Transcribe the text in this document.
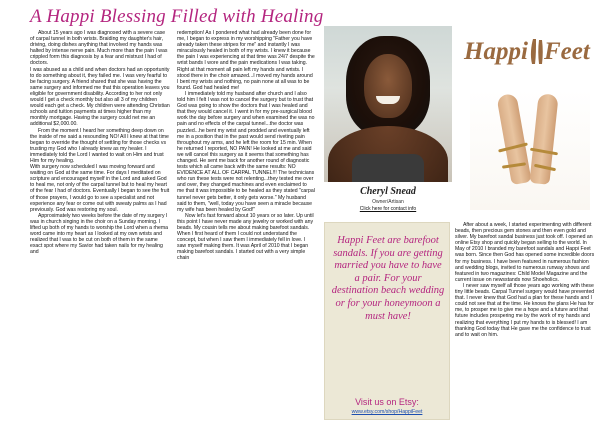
A Happi Blessing Filled with Healing

About 15 years ago I was diagnosed with a severe case of carpal tunnel in both wrists. Braiding my daughter's hair, driving, doing dishes anything that involved my hands was halted by intense nerve pain. Much more than the pain I was crippled form this diagnosis by a fear and mistrust I had of doctors.

I was abused as a child and when doctors had an opportunity to do something about it, they failed me. I was very fearful to be facing surgery. A friend shared that she was having the same surgery and informed me that this operation leaves you eligible for government disability. According to her not only would I get a check monthly but also all 3 of my children would each get a check. My children were attending Christian schools and tuition payments at times higher than my monthly mortgage. Having the surgery could net me an additional $2,000.00.

From the moment I heard her something deep down on the inside of me said a resounding NO! All I knew at that time began to override the thought of settling for those checks vs trusting my God who I already knew as my healer. I immediately told the Lord I wanted to wait on Him and trust Him for my healing.

With surgery now scheduled I was moving forward and waiting on God at the same time. For days I meditated on scripture and encouraged myself in the Lord and asked God to heal me, not only of the carpal tunnel but to heal my heart of the fear I had of doctors. Eventually I began to see the fruit of those prayers, I would go to see a specialist and not experience any fear or come out with sweaty palms as I had previously. God was restoring my soul.

Approximately two weeks before the date of my surgery I was in church singing in the choir on a Sunday morning. I lifted up both of my hands to worship the Lord when a rhema word came into my heart as I looked at my own wrists and realized that I was to be cut on both of them in the same exact spot where my Savior had taken nails for my healing and

redemption! As I pondered what had already been done for me, I began to express in my worshipping "Father you have already taken these stripes for me" and instantly I was miraculously healed in both of my wrists. I knew it because the pain I was experiencing at that time was 24/7 despite the wrist bands I wore and the pain medications I was taking. Right at that moment all pain left my hands and wrists. I stood there in the choir amazed...I moved my hands around I bent my wrists and nothing, no pain none at all was to be found. God had healed me!

I immediately told my husband after church and I also told him I felt I was not to cancel the surgery but to trust that God was going to show the doctors that I was healed and that they would cancel it. I went in for my pre-surgical blood work the day before surgery and when examined the was no pain and no effects of the carpal tunnel...the doctor was puzzled...he bent my wrist and prodded and eventually left me in a position that in the past would send riveting pain throughout my arms, and he left the room for 15 min. When he returned I reported, NO PAIN! He looked at me and said we will cancel this surgery as it seems that something has changed. He sent me back for another round of diagnostic tests which all came back with the same results: NO EVIDENCE AT ALL OF CARPAL TUNNEL!!! The technicians who run these tests were not relenting...they tested me over and over, they changed machines and even exclaimed to me that it was impossible to be healed as they stated "carpal tunnel never gets better, it only gets worse." My husband said to them, "well, today you have seen a miracle because my wife has been healed by God!"

Now let's fast forward about 10 years or so later. Up until this point I have never made any jewelry or worked with any beads. My cousin tells me about making barefoot sandals. When I first heard of them I could not understand the concept, but when I saw them I immediately fell in love. I saw myself making them. It was April of 2010 that I began making barefoot sandals. I started out with a very simple chain

Cheryl Snead
Owner/Artisan
Click here for contact info
Happi Feet
Happi Feet are barefoot sandals. If you are getting married you have to have a pair. For your destination beach wedding or for your honeymoon a must have!
Visit us on Etsy:
www.etsy.com/shop/HappiFeet

After about a week, I started experimenting with different beads, then precious gem stones and then even gold and silver. My barefoot sandal business just took off. I opened an online Etsy shop and quickly began selling to the world. In May of 2010 I branded my barefoot sandals and Happi Feet was born. Since then God has opened some incredible doors for my business. I have been featured in numerous fashion and wedding blogs, invited to numerous runway shows and featured in two magazines: Child Model Magazine and the current issue on newsstands now Shoeholics.

I never saw myself all those years ago working with these tiny little beads. Carpal Tunnel surgery would have prevented that. I never knew that God had a plan for these hands and I could not see that at the time. He knows the plans He has for me, to prosper me to give me a hope and a future and that future includes prospering me by the work of my hands and realizing that everything I put my hands to is blessed! I am thanking God today that He gave me the confidence to trust and to wait on him.
